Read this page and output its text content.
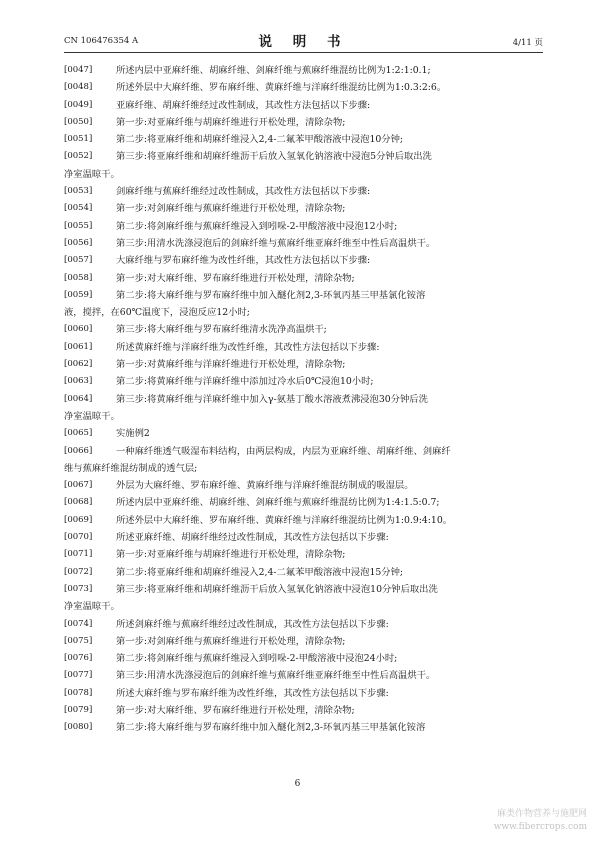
CN 106476354 A	说 明 书	4/11 页
[0047]	所述内层中亚麻纤维、胡麻纤维、剑麻纤维与蕉麻纤维混纺比例为1:2:1:0.1;
[0048]	所述外层中大麻纤维、罗布麻纤维、黄麻纤维与洋麻纤维混纺比例为1:0.3:2:6。
[0049]	亚麻纤维、胡麻纤维经过改性制成，其改性方法包括以下步骤:
[0050]	第一步:对亚麻纤维与胡麻纤维进行开松处理，清除杂物;
[0051]	第二步:将亚麻纤维和胡麻纤维浸入2,4-二氟苯甲酸溶液中浸泡10分钟;
[0052]	第三步:将亚麻纤维和胡麻纤维沥干后放入氢氧化钠溶液中浸泡5分钟后取出洗
净室温晾干。
[0053]	剑麻纤维与蕉麻纤维经过改性制成，其改性方法包括以下步骤:
[0054]	第一步:对剑麻纤维与蕉麻纤维进行开松处理，清除杂物;
[0055]	第二步:将剑麻纤维与蕉麻纤维浸入到吲哚-2-甲酸溶液中浸泡12小时;
[0056]	第三步:用清水洗涤浸泡后的剑麻纤维与蕉麻纤维亚麻纤维至中性后高温烘干。
[0057]	大麻纤维与罗布麻纤维为改性纤维，其改性方法包括以下步骤:
[0058]	第一步:对大麻纤维、罗布麻纤维进行开松处理，清除杂物;
[0059]	第二步:将大麻纤维与罗布麻纤维中加入醚化剂2,3-环氧丙基三甲基氯化铵溶
液，搅拌，在60℃温度下，浸泡反应12小时;
[0060]	第三步:将大麻纤维与罗布麻纤维清水洗净高温烘干;
[0061]	所述黄麻纤维与洋麻纤维为改性纤维，其改性方法包括以下步骤:
[0062]	第一步:对黄麻纤维与洋麻纤维进行开松处理，清除杂物;
[0063]	第二步:将黄麻纤维与洋麻纤维中添加过冷水后0℃浸泡10小时;
[0064]	第三步:将黄麻纤维与洋麻纤维中加入γ-氨基丁酸水溶液煮沸浸泡30分钟后洗
净室温晾干。
[0065]	实施例2
[0066]	一种麻纤维透气吸湿布料结构，由两层构成，内层为亚麻纤维、胡麻纤维、剑麻纤
维与蕉麻纤维混纺制成的透气层;
[0067]	外层为大麻纤维、罗布麻纤维、黄麻纤维与洋麻纤维混纺制成的吸湿层。
[0068]	所述内层中亚麻纤维、胡麻纤维、剑麻纤维与蕉麻纤维混纺比例为1:4:1.5:0.7;
[0069]	所述外层中大麻纤维、罗布麻纤维、黄麻纤维与洋麻纤维混纺比例为1:0.9:4:10。
[0070]	所述亚麻纤维、胡麻纤维经过改性制成，其改性方法包括以下步骤:
[0071]	第一步:对亚麻纤维与胡麻纤维进行开松处理，清除杂物;
[0072]	第二步:将亚麻纤维和胡麻纤维浸入2,4-二氟苯甲酸溶液中浸泡15分钟;
[0073]	第三步:将亚麻纤维和胡麻纤维沥干后放入氢氧化钠溶液中浸泡10分钟后取出洗
净室温晾干。
[0074]	所述剑麻纤维与蕉麻纤维经过改性制成，其改性方法包括以下步骤:
[0075]	第一步:对剑麻纤维与蕉麻纤维进行开松处理，清除杂物;
[0076]	第二步:将剑麻纤维与蕉麻纤维浸入到吲哚-2-甲酸溶液中浸泡24小时;
[0077]	第三步:用清水洗涤浸泡后的剑麻纤维与蕉麻纤维亚麻纤维至中性后高温烘干。
[0078]	所述大麻纤维与罗布麻纤维为改性纤维，其改性方法包括以下步骤:
[0079]	第一步:对大麻纤维、罗布麻纤维进行开松处理，清除杂物;
[0080]	第二步:将大麻纤维与罗布麻纤维中加入醚化剂2,3-环氧丙基三甲基氯化铵溶
6
麻类作物营养与施肥网
www.fibercrops.com
